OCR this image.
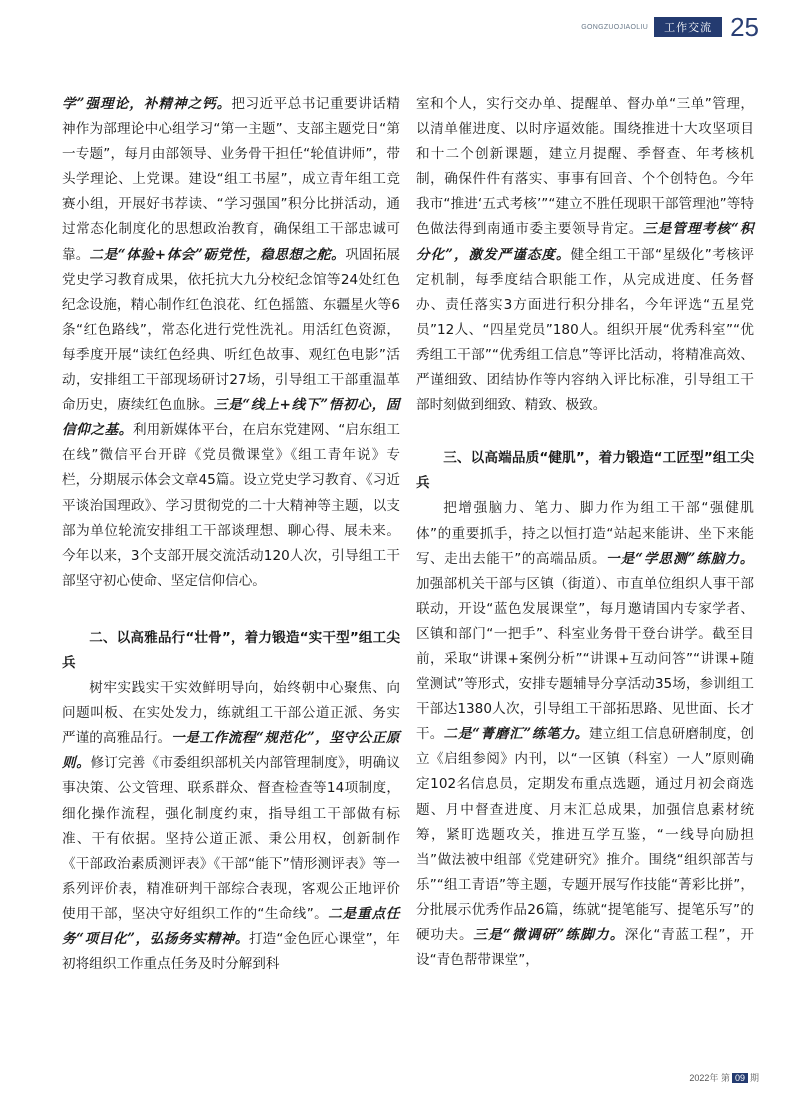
GONGZUOJIAOLIU	工作交流 25

学”强理论，补精神之钙。把习近平总书记重要讲话精神作为部理论中心组学习“第一主题”、支部主题党日“第一专题”，每月由部领导、业务骨干担任“轮值讲师”，带头学理论、上党课。建设“组工书屋”，成立青年组工竞赛小组，开展好书荐读、“学习强国”积分比拼活动，通过常态化制度化的思想政治教育，确保组工干部忠诚可靠。二是“体验+体会”砺党性，稳思想之舵。巩固拓展党史学习教育成果，依托抗大九分校纪念馆等24处红色纪念设施，精心制作红色浪花、红色摇篮、东疆星火等6条“红色路线”，常态化进行党性洗礼。用活红色资源，每季度开展“读红色经典、听红色故事、观红色电影”活动，安排组工干部现场研讨27场，引导组工干部重温革命历史，赓续红色血脉。三是“线上+线下”悟初心，固信仰之基。利用新媒体平台，在启东党建网、“启东组工在线”微信平台开辟《党员微课堂》《组工青年说》专栏，分期展示体会文章45篇。设立党史学习教育、《习近平谈治国理政》、学习贯彻党的二十大精神等主题，以支部为单位轮流安排组工干部谈理想、聊心得、展未来。今年以来，3个支部开展交流活动120人次，引导组工干部坚守初心使命、坚定信仰信心。

二、以高雅品行“壮骨”，着力锻造“实干型”组工尖兵

树牢实践实干实效鲜明导向，始终朝中心聚焦、向问题叫板、在实处发力，练就组工干部公道正派、务实严谨的高雅品行。一是工作流程“规范化”，坚守公正原则。修订完善《市委组织部机关内部管理制度》，明确议事决策、公文管理、联系群众、督查检查等14项制度，细化操作流程，强化制度约束，指导组工干部做有标准、干有依据。坚持公道正派、秉公用权，创新制作《干部政治素质测评表》《干部“能下”情形测评表》等一系列评价表，精准研判干部综合表现，客观公正地评价使用干部，坚决守好组织工作的“生命线”。二是重点任务“项目化”，弘扬务实精神。打造“金色匠心课堂”，年初将组织工作重点任务及时分解到科

室和个人，实行交办单、提醒单、督办单“三单”管理，以清单催进度、以时序逼效能。围绕推进十大攻坚项目和十二个创新课题，建立月提醒、季督查、年考核机制，确保件件有落实、事事有回音、个个创特色。今年我市“推进‘五式考核’”“建立不胜任现职干部管理池”等特色做法得到南通市委主要领导肯定。三是管理考核“积分化”，激发严谨态度。健全组工干部“星级化”考核评定机制，每季度结合职能工作，从完成进度、任务督办、责任落实3方面进行积分排名，今年评选“五星党员”12人、“四星党员”180人。组织开展“优秀科室”“优秀组工干部”“优秀组工信息”等评比活动，将精准高效、严谨细致、团结协作等内容纳入评比标准，引导组工干部时刻做到细致、精致、极致。

三、以高端品质“健肌”，着力锻造“工匠型”组工尖兵

把增强脑力、笔力、脚力作为组工干部“强健肌体”的重要抓手，持之以恒打造“站起来能讲、坐下来能写、走出去能干”的高端品质。一是“学思测”练脑力。加强部机关干部与区镇（街道）、市直单位组织人事干部联动，开设“蓝色发展课堂”，每月邀请国内专家学者、区镇和部门“一把手”、科室业务骨干登台讲学。截至目前，采取“讲课+案例分析”“讲课+互动问答”“讲课+随堂测试”等形式，安排专题辅导分享活动35场，参训组工干部达1380人次，引导组工干部拓思路、见世面、长才干。二是“菁磨汇”练笔力。建立组工信息研磨制度，创立《启组参阅》内刊，以“一区镇（科室）一人”原则确定102名信息员，定期发布重点选题，通过月初会商选题、月中督查进度、月末汇总成果，加强信息素材统筹，紧盯选题攻关，推进互学互鉴，“一线导向励担当”做法被中组部《党建研究》推介。围绕“组织部苦与乐”“组工青语”等主题，专题开展写作技能“菁彩比拼”，分批展示优秀作品26篇，练就“提笔能写、提笔乐写”的硬功夫。三是“微调研”练脚力。深化“青蓝工程”，开设“青色帮带课堂”，

2022年 第 09 期
